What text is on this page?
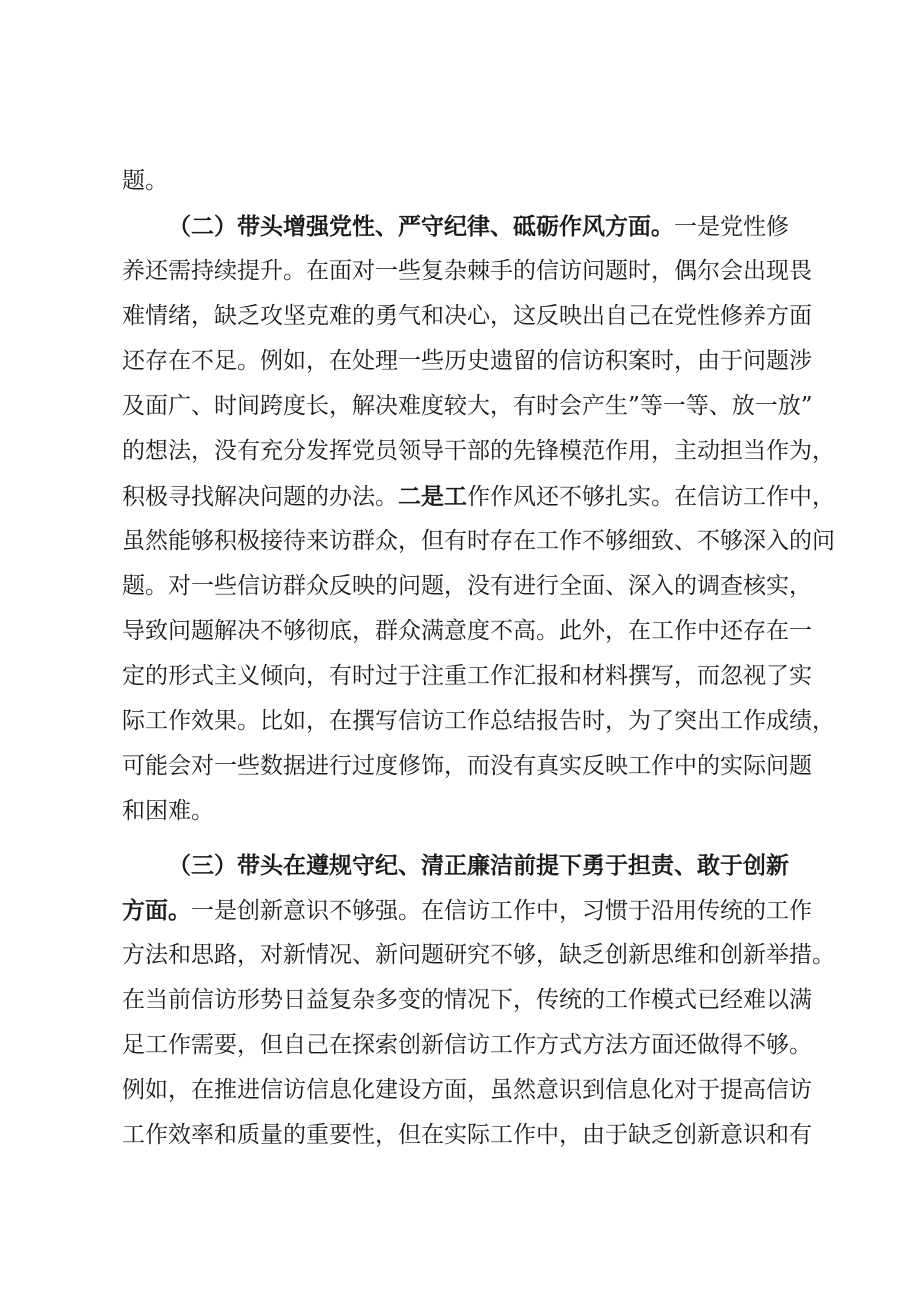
题。
（二）带头增强党性、严守纪律、砥砺作风方面。一是党性修
养还需持续提升。在面对一些复杂棘手的信访问题时，偶尔会出现畏
难情绪，缺乏攻坚克难的勇气和决心，这反映出自己在党性修养方面
还存在不足。例如，在处理一些历史遗留的信访积案时，由于问题涉
及面广、时间跨度长，解决难度较大，有时会产生”等一等、放一放”
的想法，没有充分发挥党员领导干部的先锋模范作用，主动担当作为，
积极寻找解决问题的办法。二是工作作风还不够扎实。在信访工作中，
虽然能够积极接待来访群众，但有时存在工作不够细致、不够深入的问
题。对一些信访群众反映的问题，没有进行全面、深入的调查核实，
导致问题解决不够彻底，群众满意度不高。此外，在工作中还存在一
定的形式主义倾向，有时过于注重工作汇报和材料撰写，而忽视了实
际工作效果。比如，在撰写信访工作总结报告时，为了突出工作成绩，
可能会对一些数据进行过度修饰，而没有真实反映工作中的实际问题
和困难。
（三）带头在遵规守纪、清正廉洁前提下勇于担责、敢于创新
方面。一是创新意识不够强。在信访工作中，习惯于沿用传统的工作
方法和思路，对新情况、新问题研究不够，缺乏创新思维和创新举措。
在当前信访形势日益复杂多变的情况下，传统的工作模式已经难以满
足工作需要，但自己在探索创新信访工作方式方法方面还做得不够。
例如，在推进信访信息化建设方面，虽然意识到信息化对于提高信访
工作效率和质量的重要性，但在实际工作中，由于缺乏创新意识和有
